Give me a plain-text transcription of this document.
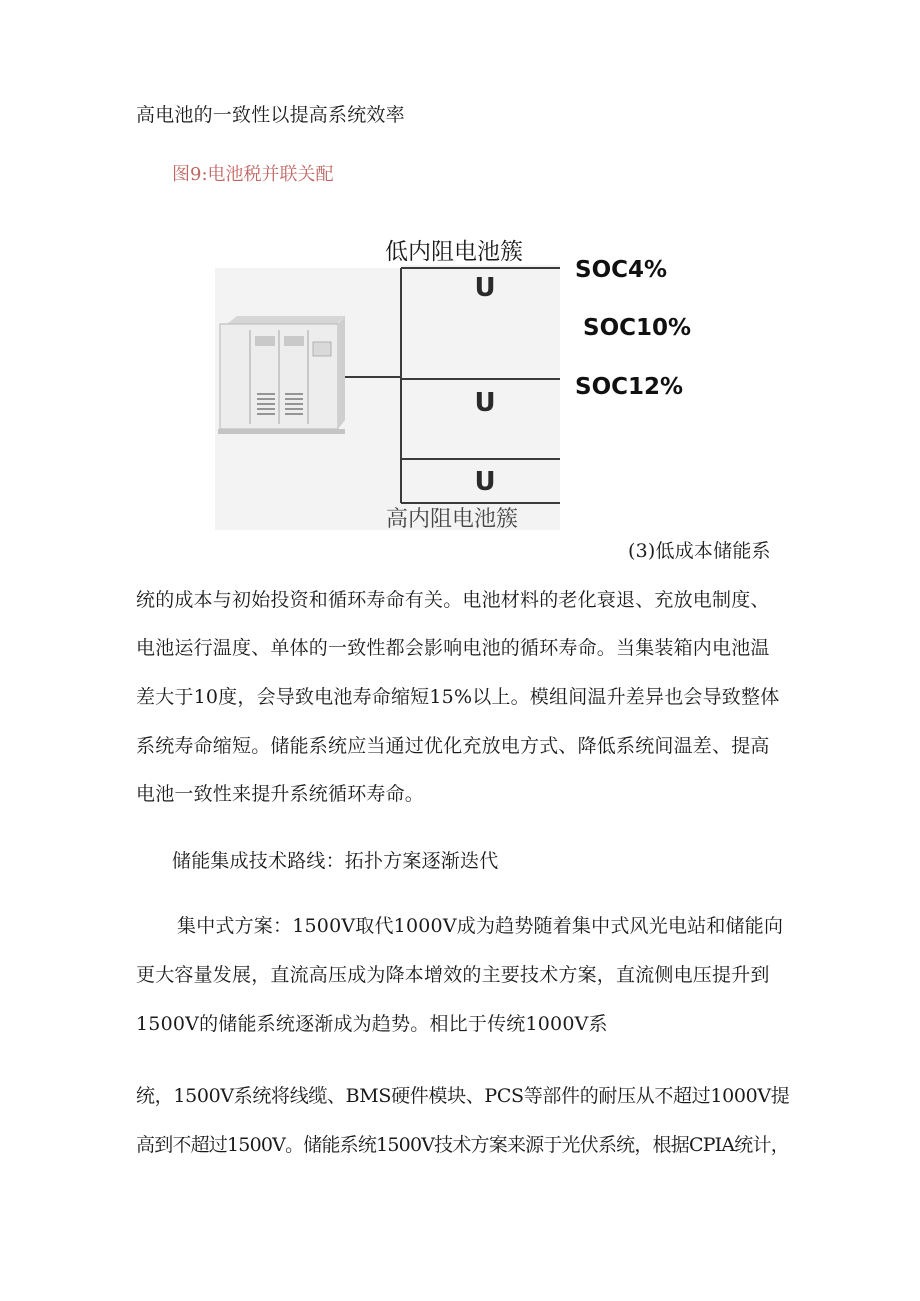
高电池的一致性以提高系统效率
图9:电池税并联关配
U
U
U
低内阻电池簇
高内阻电池簇
SOC4%
SOC10%
SOC12%
(3)低成本储能系
统的成本与初始投资和循环寿命有关。电池材料的老化衰退、充放电制度、
电池运行温度、单体的一致性都会影响电池的循环寿命。当集装箱内电池温
差大于10度，会导致电池寿命缩短15%以上。模组间温升差异也会导致整体
系统寿命缩短。储能系统应当通过优化充放电方式、降低系统间温差、提高
电池一致性来提升系统循环寿命。
储能集成技术路线：拓扑方案逐渐迭代
集中式方案：1500V取代1000V成为趋势随着集中式风光电站和储能向
更大容量发展，直流高压成为降本增效的主要技术方案，直流侧电压提升到
1500V的储能系统逐渐成为趋势。相比于传统1000V系
统，1500V系统将线缆、BMS硬件模块、PCS等部件的耐压从不超过1000V提
高到不超过1500V。储能系统1500V技术方案来源于光伏系统，根据CPIA统计，
